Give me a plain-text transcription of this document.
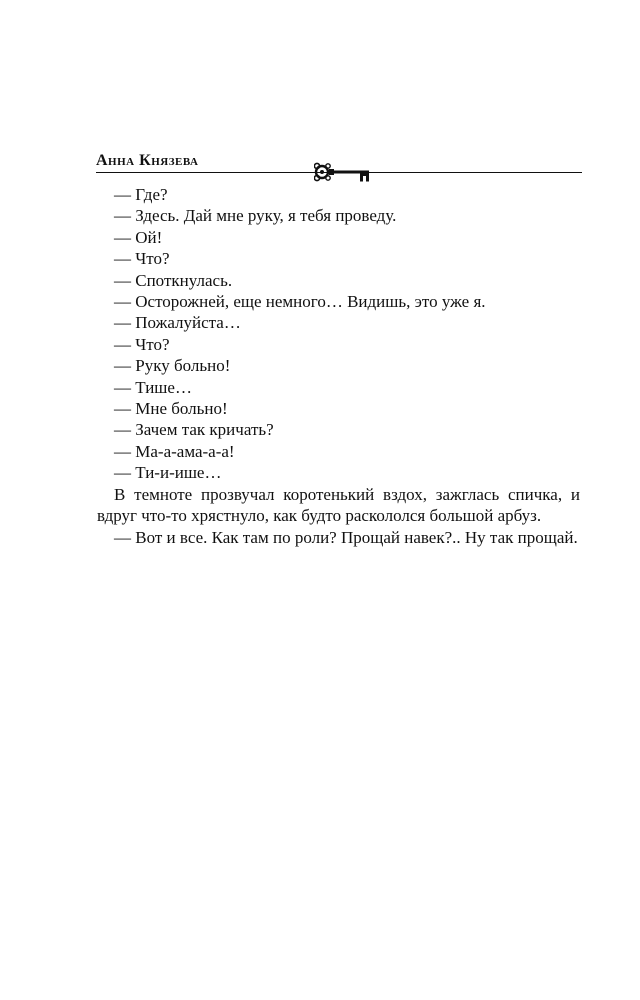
Анна Князева
— Где?
— Здесь. Дай мне руку, я тебя проведу.
— Ой!
— Что?
— Споткнулась.
— Осторожней, еще немного… Видишь, это уже я.
— Пожалуйста…
— Что?
— Руку больно!
— Тише…
— Мне больно!
— Зачем так кричать?
— Ма-а-ама-а-а!
— Ти-и-ише…

В темноте прозвучал коротенький вздох, зажглась спичка, и вдруг что-то хрястнуло, как будто раскололся большой арбуз.

— Вот и все. Как там по роли? Прощай навек?.. Ну так прощай.
